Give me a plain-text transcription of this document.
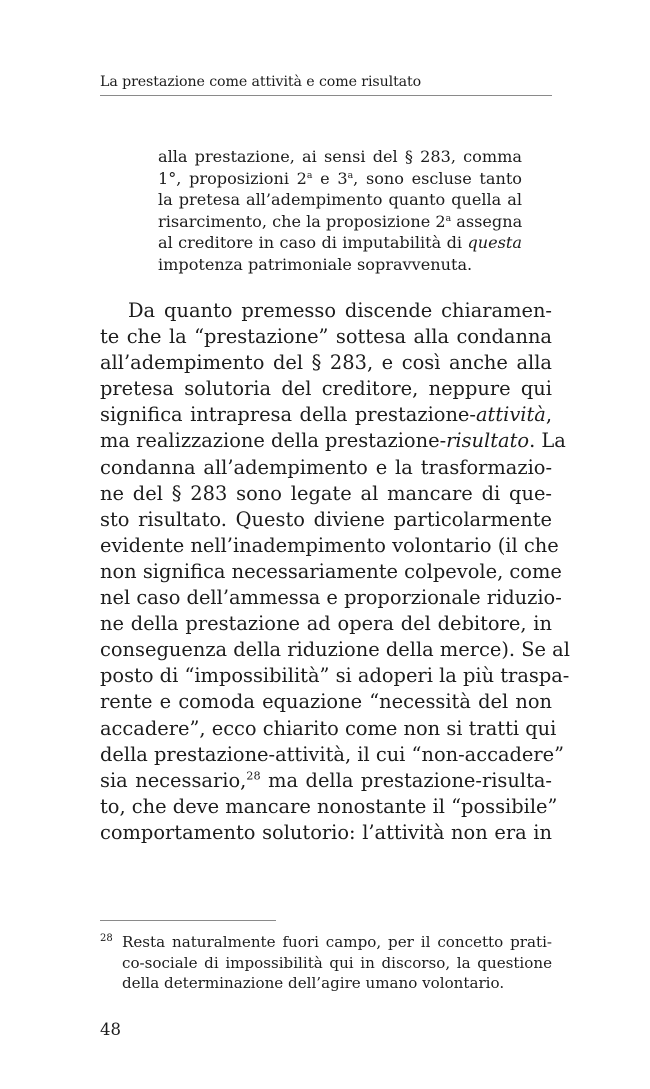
La prestazione come attività e come risultato
alla prestazione, ai sensi del § 283, comma
1°, proposizioni 2$^a$ e 3$^a$, sono escluse tanto
la pretesa all’adempimento quanto quella al
risarcimento, che la proposizione 2$^a$ assegna
al creditore in caso di imputabilità di questa
impotenza patrimoniale sopravvenuta.
Da quanto premesso discende chiaramen-
te che la “prestazione” sottesa alla condanna
all’adempimento del § 283, e così anche alla
pretesa solutoria del creditore, neppure qui
significa intrapresa della prestazione-attività,
ma realizzazione della prestazione-risultato. La
condanna all’adempimento e la trasformazio-
ne del § 283 sono legate al mancare di que-
sto risultato. Questo diviene particolarmente
evidente nell’inadempimento volontario (il che
non significa necessariamente colpevole, come
nel caso dell’ammessa e proporzionale riduzio-
ne della prestazione ad opera del debitore, in
conseguenza della riduzione della merce). Se al
posto di “impossibilità” si adoperi la più traspa-
rente e comoda equazione “necessità del non
accadere”, ecco chiarito come non si tratti qui
della prestazione-attività, il cui “non-accadere”
sia necessario,$^{28}$ ma della prestazione-risulta-
to, che deve mancare nonostante il “possibile”
comportamento solutorio: l’attività non era in
28 Resta naturalmente fuori campo, per il concetto prati-
co-sociale di impossibilità qui in discorso, la questione
della determinazione dell’agire umano volontario.
48
